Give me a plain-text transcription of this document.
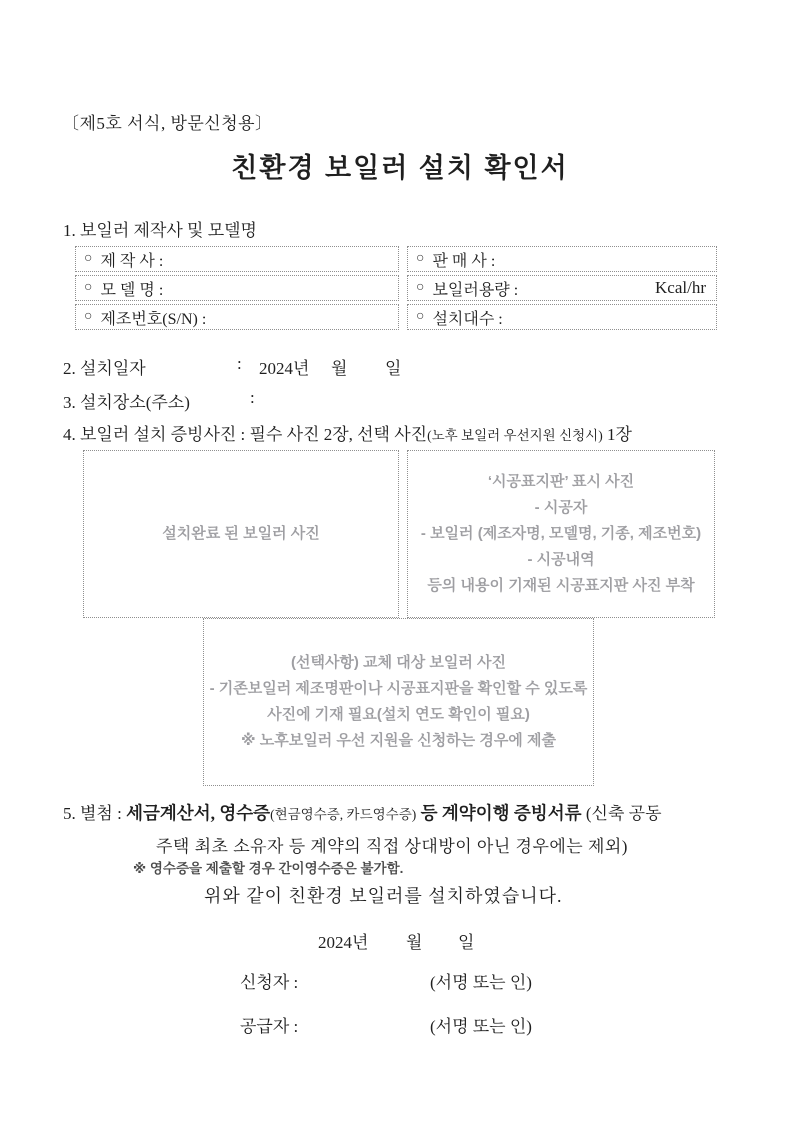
〔제5호 서식, 방문신청용〕
친환경 보일러 설치 확인서
1. 보일러 제작사 및 모델명
○ 제 작 사 :	○ 판 매 사 :
○ 모 델 명 :	○ 보일러용량 :	Kcal/hr
○ 제조번호(S/N) :	○ 설치대수 :
2. 설치일자	: 2024년 월 일
3. 설치장소(주소)	:
4. 보일러 설치 증빙사진 : 필수 사진 2장, 선택 사진(노후 보일러 우선지원 신청시) 1장
설치완료 된 보일러 사진
‘시공표지판’ 표시 사진
- 시공자
- 보일러 (제조자명, 모델명, 기종, 제조번호)
- 시공내역
등의 내용이 기재된 시공표지판 사진 부착
(선택사항) 교체 대상 보일러 사진
- 기존보일러 제조명판이나 시공표지판을 확인할 수 있도록
사진에 기재 필요(설치 연도 확인이 필요)
※ 노후보일러 우선 지원을 신청하는 경우에 제출
5. 별첨 : 세금계산서, 영수증(현금영수증, 카드영수증) 등 계약이행 증빙서류 (신축 공동
주택 최초 소유자 등 계약의 직접 상대방이 아닌 경우에는 제외)
※ 영수증을 제출할 경우 간이영수증은 불가함.
위와 같이 친환경 보일러를 설치하였습니다.
2024년 월 일
신청자 :	(서명 또는 인)
공급자 :	(서명 또는 인)
